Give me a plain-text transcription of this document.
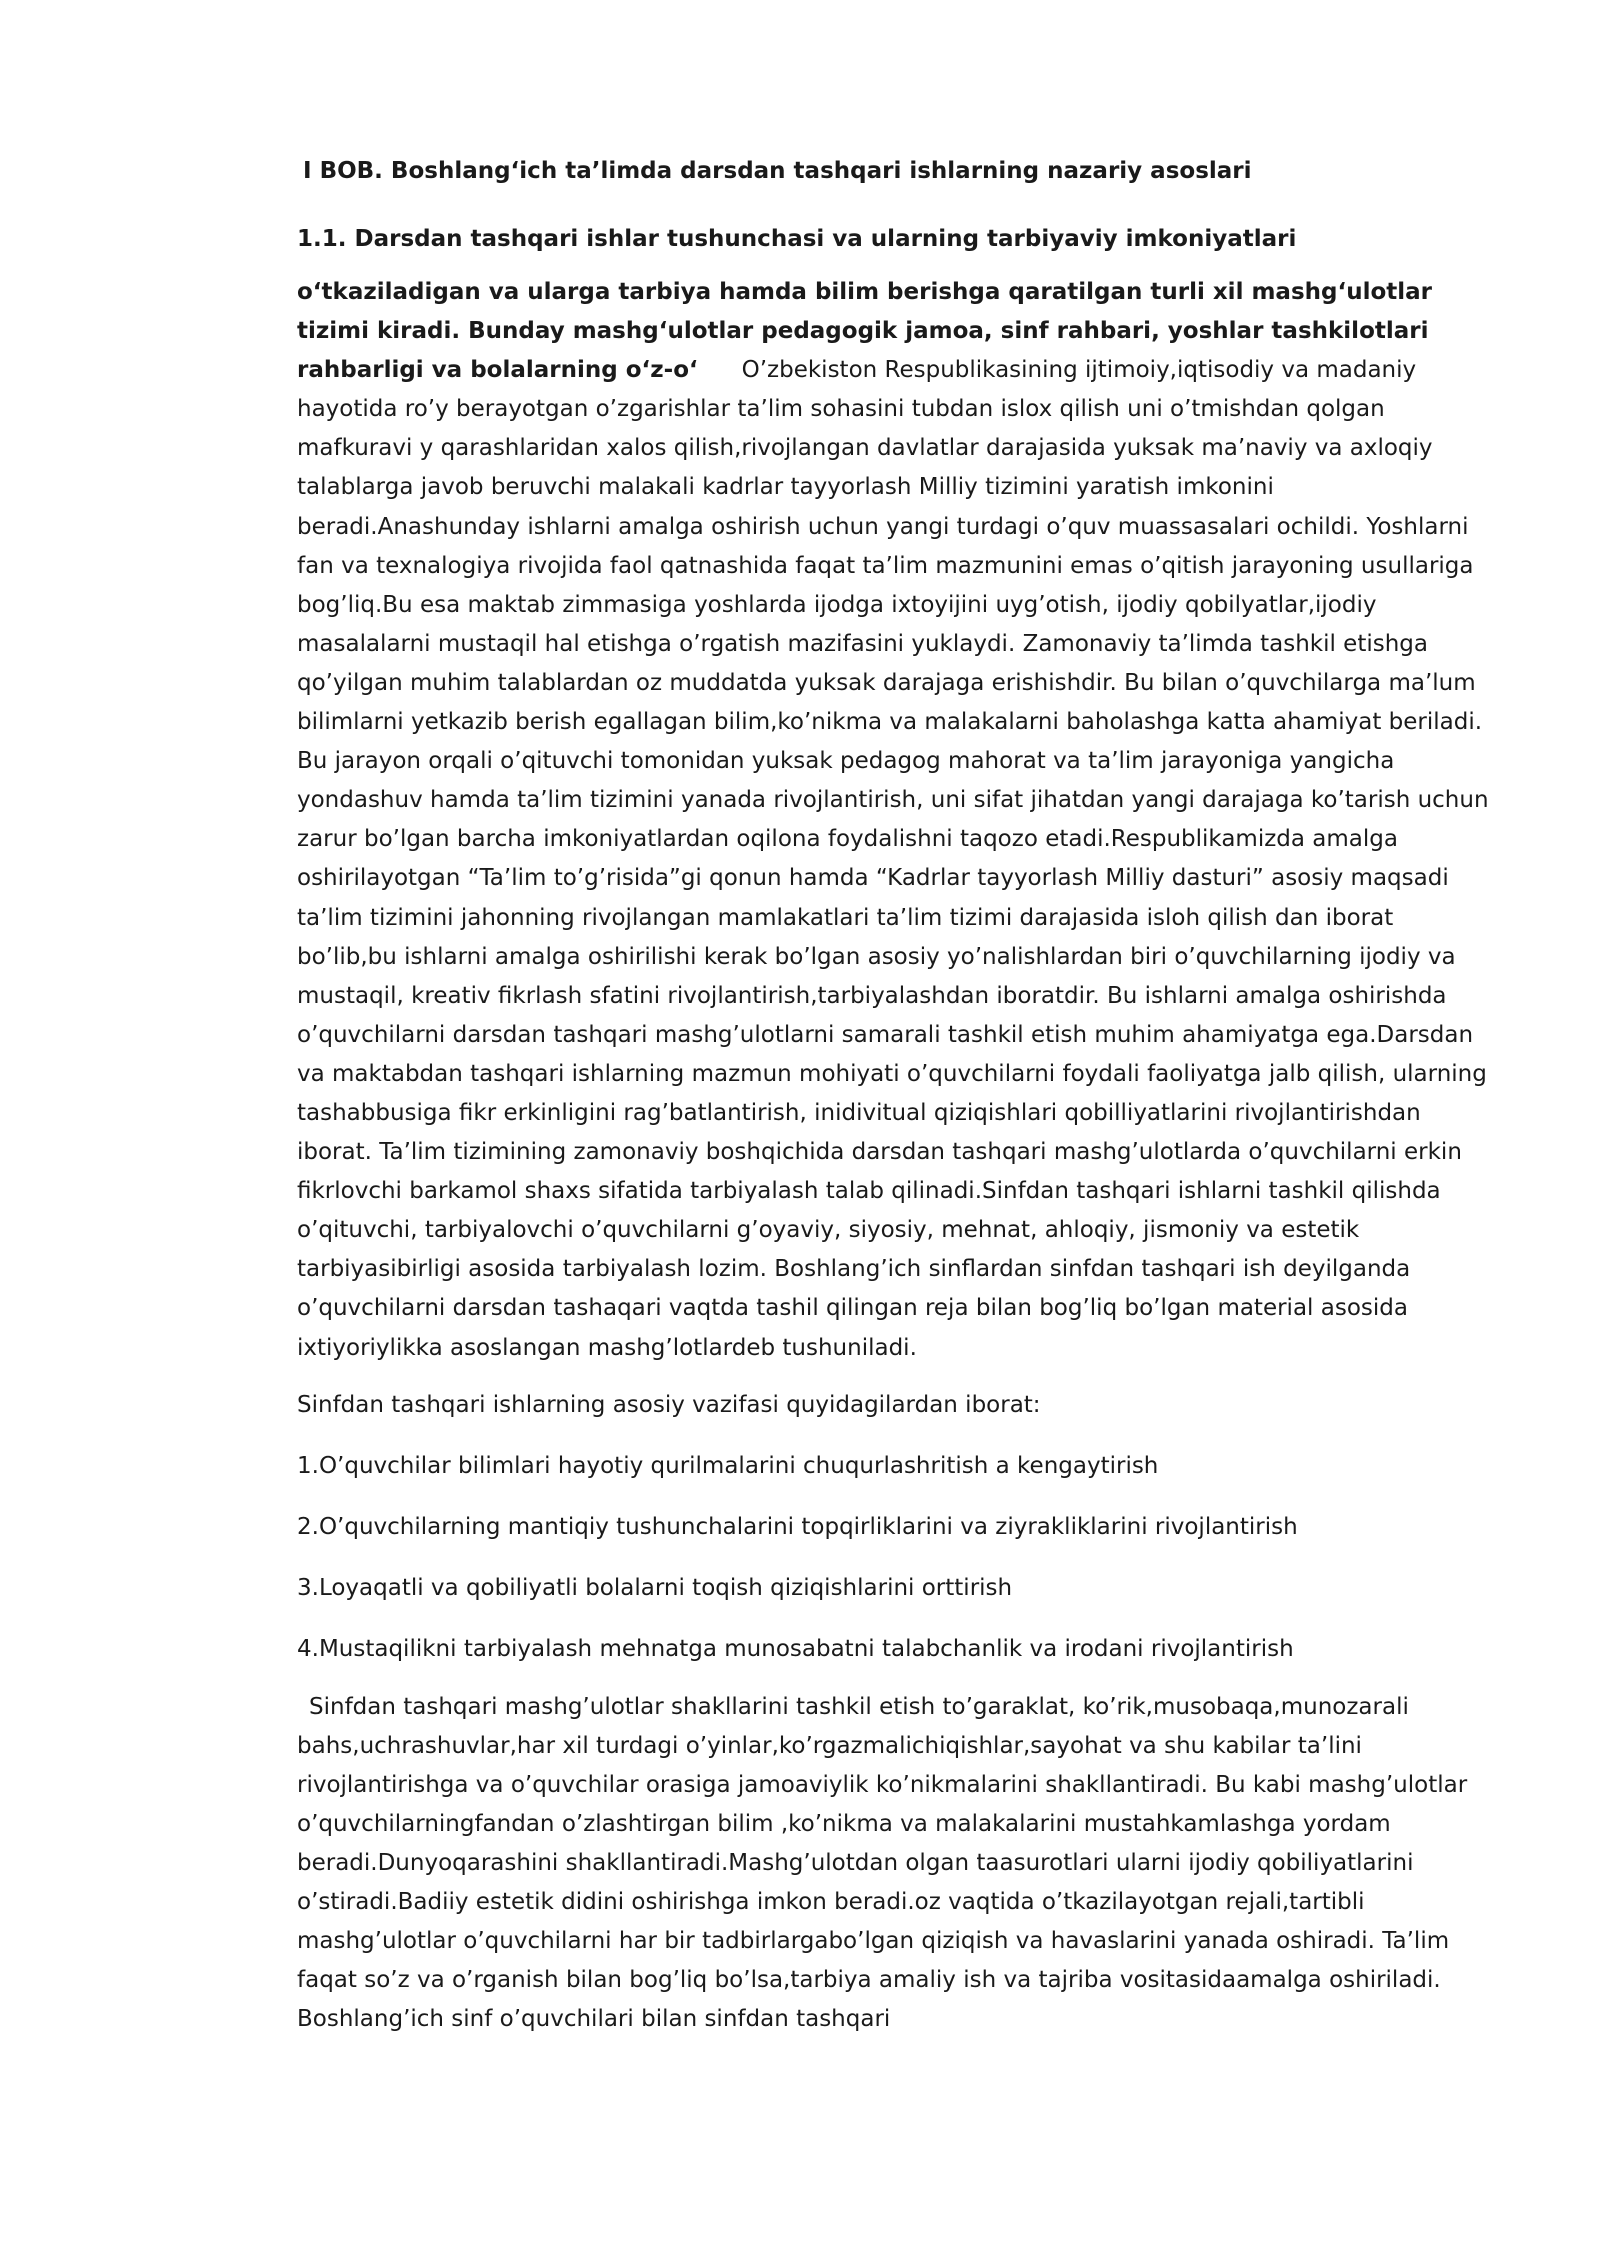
I BOB. Boshlang‘ich ta’limda darsdan tashqari ishlarning nazariy asoslari

1.1. Darsdan tashqari ishlar tushunchasi va ularning tarbiyaviy imkoniyatlari

o‘tkaziladigan va ularga tarbiya hamda bilim berishga qaratilgan turli xil mashg‘ulotlar tizimi kiradi. Bunday mashg‘ulotlar pedagogik jamoa, sinf rahbari, yoshlar tashkilotlari rahbarligi va bolalarning o‘z-o‘ O’zbekiston Respublikasining ijtimoiy,iqtisodiy va madaniy hayotida ro’y berayotgan o’zgarishlar ta’lim sohasini tubdan islox qilish uni o’tmishdan qolgan mafkuravi y qarashlaridan xalos qilish,rivojlangan davlatlar darajasida yuksak ma’naviy va axloqiy talablarga javob beruvchi malakali kadrlar tayyorlash Milliy tizimini yaratish imkonini beradi.Anashunday ishlarni amalga oshirish uchun yangi turdagi o’quv muassasalari ochildi. Yoshlarni fan va texnalogiya rivojida faol qatnashida faqat ta’lim mazmunini emas o’qitish jarayoning usullariga bog’liq.Bu esa maktab zimmasiga yoshlarda ijodga ixtoyijini uyg’otish, ijodiy qobilyatlar,ijodiy masalalarni mustaqil hal etishga o’rgatish mazifasini yuklaydi. Zamonaviy ta’limda tashkil etishga qo’yilgan muhim talablardan oz muddatda yuksak darajaga erishishdir. Bu bilan o’quvchilarga ma’lum bilimlarni yetkazib berish egallagan bilim,ko’nikma va malakalarni baholashga katta ahamiyat beriladi. Bu jarayon orqali o’qituvchi tomonidan yuksak pedagog mahorat va ta’lim jarayoniga yangicha yondashuv hamda ta’lim tizimini yanada rivojlantirish, uni sifat jihatdan yangi darajaga ko’tarish uchun zarur bo’lgan barcha imkoniyatlardan oqilona foydalishni taqozo etadi.Respublikamizda amalga oshirilayotgan “Ta’lim to’g’risida”gi qonun hamda “Kadrlar tayyorlash Milliy dasturi” asosiy maqsadi ta’lim tizimini jahonning rivojlangan mamlakatlari ta’lim tizimi darajasida isloh qilish dan iborat bo’lib,bu ishlarni amalga oshirilishi kerak bo’lgan asosiy yo’nalishlardan biri o’quvchilarning ijodiy va mustaqil, kreativ fikrlash sfatini rivojlantirish,tarbiyalashdan iboratdir. Bu ishlarni amalga oshirishda o’quvchilarni darsdan tashqari mashg’ulotlarni samarali tashkil etish muhim ahamiyatga ega.Darsdan va maktabdan tashqari ishlarning mazmun mohiyati o’quvchilarni foydali faoliyatga jalb qilish, ularning tashabbusiga fikr erkinligini rag’batlantirish, inidivitual qiziqishlari qobilliyatlarini rivojlantirishdan iborat. Ta’lim tizimining zamonaviy boshqichida darsdan tashqari mashg’ulotlarda o’quvchilarni erkin fikrlovchi barkamol shaxs sifatida tarbiyalash talab qilinadi.Sinfdan tashqari ishlarni tashkil qilishda o’qituvchi, tarbiyalovchi o’quvchilarni g’oyaviy, siyosiy, mehnat, ahloqiy, jismoniy va estetik tarbiyasibirligi asosida tarbiyalash lozim. Boshlang’ich sinflardan sinfdan tashqari ish deyilganda o’quvchilarni darsdan tashaqari vaqtda tashil qilingan reja bilan bog’liq bo’lgan material asosida ixtiyoriylikka asoslangan mashg’lotlardeb tushuniladi.

Sinfdan tashqari ishlarning asosiy vazifasi quyidagilardan iborat:

1.O’quvchilar bilimlari hayotiy qurilmalarini chuqurlashritish a kengaytirish

2.O’quvchilarning mantiqiy tushunchalarini topqirliklarini va ziyrakliklarini rivojlantirish

3.Loyaqatli va qobiliyatli bolalarni toqish qiziqishlarini orttirish

4.Mustaqilikni tarbiyalash mehnatga munosabatni talabchanlik va irodani rivojlantirish

Sinfdan tashqari mashg’ulotlar shakllarini tashkil etish to’garaklat, ko’rik,musobaqa,munozarali bahs,uchrashuvlar,har xil turdagi o’yinlar,ko’rgazmalichiqishlar,sayohat va shu kabilar ta’lini rivojlantirishga va o’quvchilar orasiga jamoaviylik ko’nikmalarini shakllantiradi. Bu kabi mashg’ulotlar o’quvchilarningfandan o’zlashtirgan bilim ,ko’nikma va malakalarini mustahkamlashga yordam beradi.Dunyoqarashini shakllantiradi.Mashg’ulotdan olgan taasurotlari ularni ijodiy qobiliyatlarini o’stiradi.Badiiy estetik didini oshirishga imkon beradi.oz vaqtida o’tkazilayotgan rejali,tartibli mashg’ulotlar o’quvchilarni har bir tadbirlargabo’lgan qiziqish va havaslarini yanada oshiradi. Ta’lim faqat so’z va o’rganish bilan bog’liq bo’lsa,tarbiya amaliy ish va tajriba vositasidaamalga oshiriladi. Boshlang’ich sinf o’quvchilari bilan sinfdan tashqari
